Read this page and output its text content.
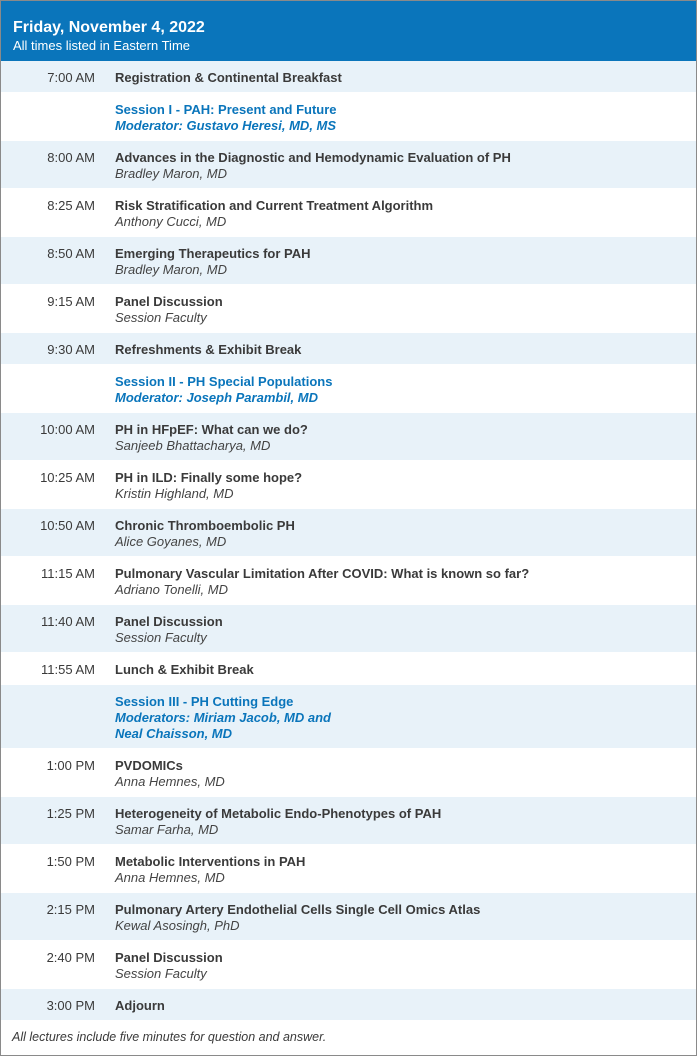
Friday, November 4, 2022
All times listed in Eastern Time
7:00 AM Registration & Continental Breakfast
Session I - PAH: Present and Future
Moderator: Gustavo Heresi, MD, MS
8:00 AM Advances in the Diagnostic and Hemodynamic Evaluation of PH
Bradley Maron, MD
8:25 AM Risk Stratification and Current Treatment Algorithm
Anthony Cucci, MD
8:50 AM Emerging Therapeutics for PAH
Bradley Maron, MD
9:15 AM Panel Discussion
Session Faculty
9:30 AM Refreshments & Exhibit Break
Session II - PH Special Populations
Moderator: Joseph Parambil, MD
10:00 AM PH in HFpEF: What can we do?
Sanjeeb Bhattacharya, MD
10:25 AM PH in ILD: Finally some hope?
Kristin Highland, MD
10:50 AM Chronic Thromboembolic PH
Alice Goyanes, MD
11:15 AM Pulmonary Vascular Limitation After COVID: What is known so far?
Adriano Tonelli, MD
11:40 AM Panel Discussion
Session Faculty
11:55 AM Lunch & Exhibit Break
Session III - PH Cutting Edge
Moderators: Miriam Jacob, MD and
Neal Chaisson, MD
1:00 PM PVDOMICs
Anna Hemnes, MD
1:25 PM Heterogeneity of Metabolic Endo-Phenotypes of PAH
Samar Farha, MD
1:50 PM Metabolic Interventions in PAH
Anna Hemnes, MD
2:15 PM Pulmonary Artery Endothelial Cells Single Cell Omics Atlas
Kewal Asosingh, PhD
2:40 PM Panel Discussion
Session Faculty
3:00 PM Adjourn
All lectures include five minutes for question and answer.
